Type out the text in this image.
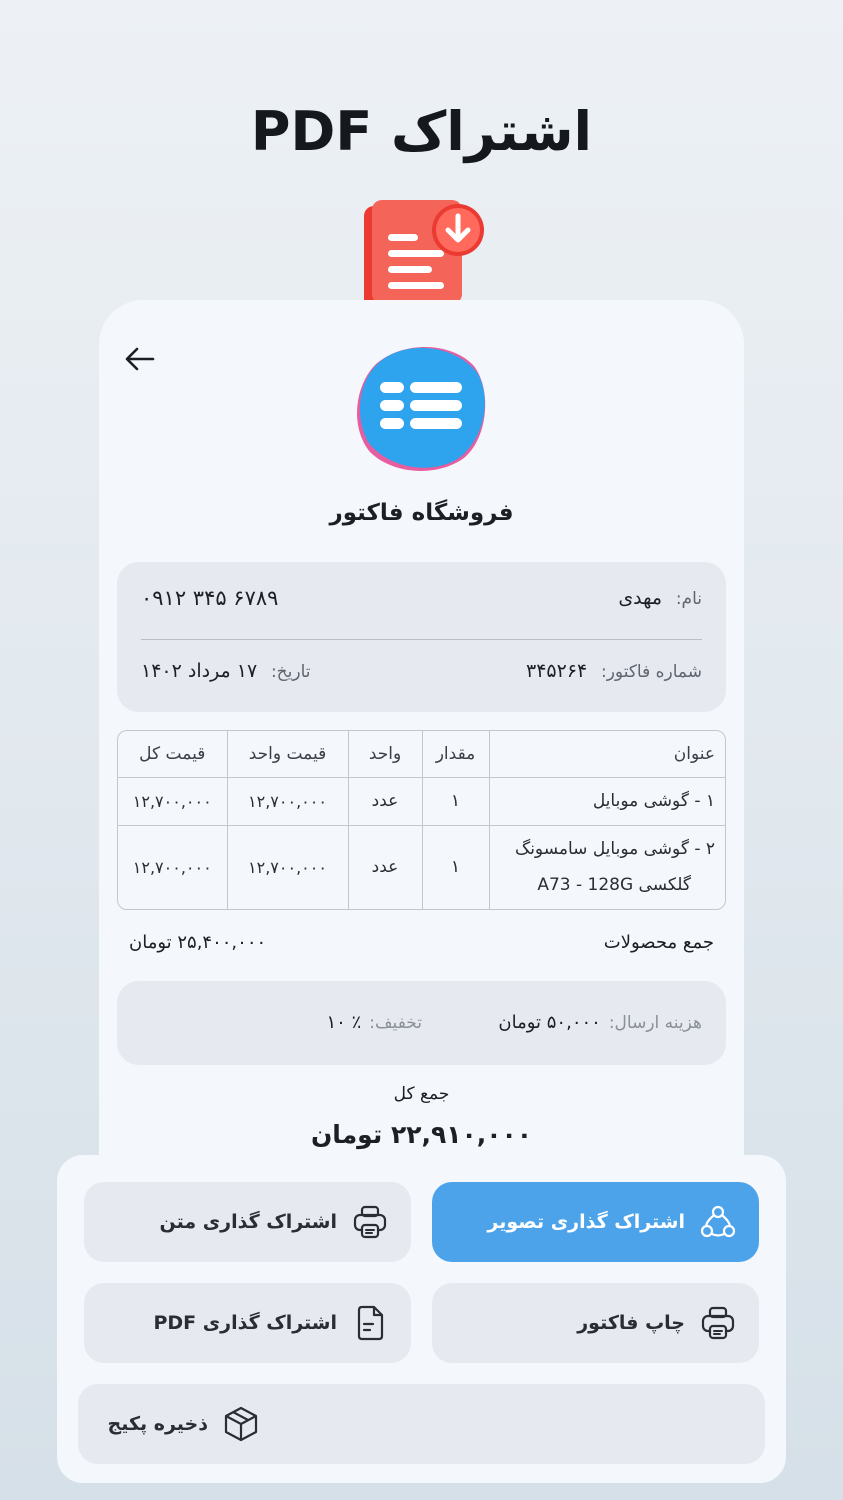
اشتراک PDF
فروشگاه فاکتور
نام: مهدی
۰۹۱۲ ۳۴۵ ۶۷۸۹
شماره فاکتور: ۳۴۵۲۶۴
تاریخ: ۱۷ مرداد ۱۴۰۲
عنوان	مقدار	واحد	قیمت واحد	قیمت کل
۱ - گوشی موبایل	۱	عدد	۱۲,۷۰۰,۰۰۰	۱۲,۷۰۰,۰۰۰

۲ - گوشی موبایل سامسونگ
گلکسی A73 - 128G	۱	عدد	۱۲,۷۰۰,۰۰۰	۱۲,۷۰۰,۰۰۰
جمع محصولات
۲۵,۴۰۰,۰۰۰ تومان
هزینه ارسال:
۵۰,۰۰۰ تومان
تخفیف:
٪ ۱۰
جمع کل
۲۲,۹۱۰,۰۰۰ تومان
اشتراک گذاری تصویر
اشتراک گذاری متن
چاپ فاکتور
اشتراک گذاری PDF
ذخیره پکیج
